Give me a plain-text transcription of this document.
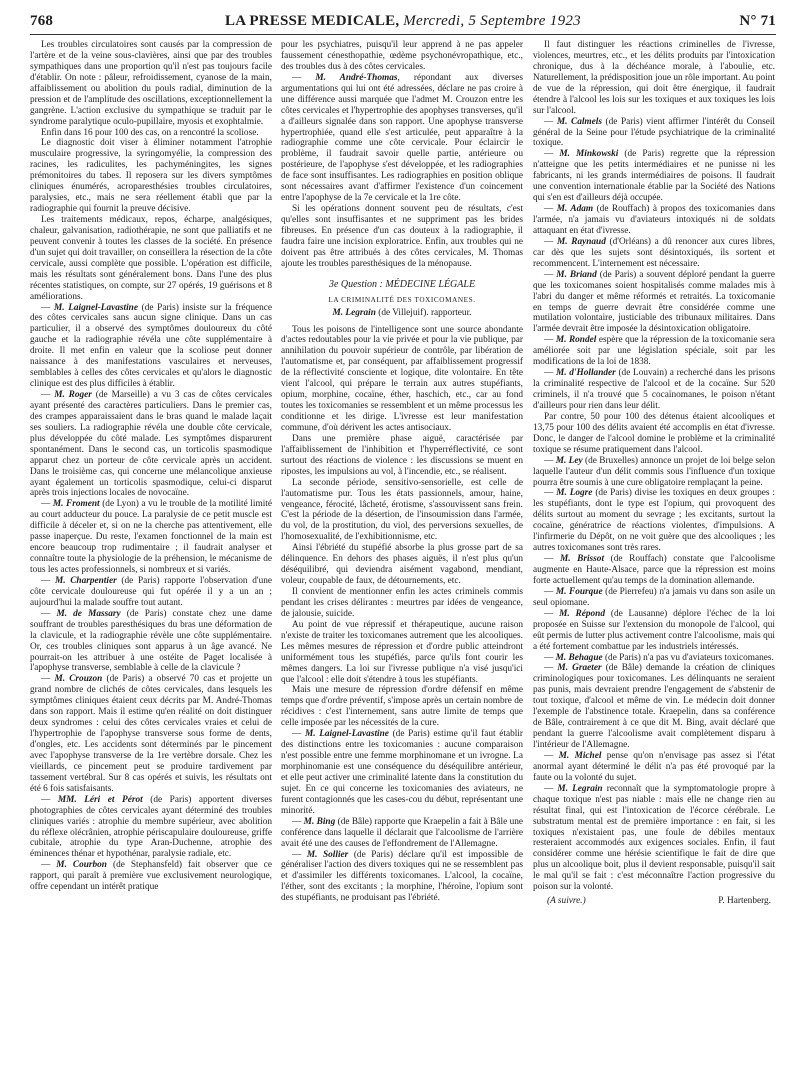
768	LA PRESSE MEDICALE, Mercredi, 5 Septembre 1923	N° 71

Les troubles circulatoires sont causés par la compression de l'artère et de la veine sous-clavières, ainsi que par des troubles sympathiques dans une proportion qu'il n'est pas toujours facile d'établir. On note : pâleur, refroidissement, cyanose de la main, affaiblissement ou abolition du pouls radial, diminution de la pression et de l'amplitude des oscillations, exceptionnellement la gangrène. L'action exclusive du sympathique se traduit par le syndrome paralytique oculo-pupillaire, myosis et exophtalmie.

Enfin dans 16 pour 100 des cas, on a rencontré la scoliose.

Le diagnostic doit viser à éliminer notamment l'atrophie musculaire progressive, la syringomyélie, la compression des racines, les radiculites, les pachyméningites, les signes prémonitoires du tabes. Il reposera sur les divers symptômes cliniques énumérés, acroparesthésies troubles circulatoires, paralysies, etc., mais ne sera réellement établi que par la radiographie qui fournit la preuve décisive.

Les traitements médicaux, repos, écharpe, analgésiques, chaleur, galvanisation, radiothérapie, ne sont que palliatifs et ne peuvent convenir à toutes les classes de la société. En présence d'un sujet qui doit travailler, on conseillera la résection de la côte cervicale, aussi complète que possible. L'opération est difficile, mais les résultats sont généralement bons. Dans l'une des plus récentes statistiques, on compte, sur 27 opérés, 19 guérisons et 8 améliorations.

— M. Laignel-Lavastine (de Paris) insiste sur la fréquence des côtes cervicales sans aucun signe clinique. Dans un cas particulier, il a observé des symptômes douloureux du côté gauche et la radiographie révéla une côte supplémentaire à droite. Il met enfin en valeur que la scoliose peut donner naissance à des manifestations vasculaires et nerveuses, semblables à celles des côtes cervicales et qu'alors le diagnostic clinique est des plus difficiles à établir.

— M. Roger (de Marseille) a vu 3 cas de côtes cervicales ayant présenté des caractères particuliers. Dans le premier cas, des crampes apparaissaient dans le bras quand le malade laçait ses souliers. La radiographie révéla une double côte cervicale, plus développée du côté malade. Les symptômes disparurent spontanément. Dans le second cas, un torticolis spasmodique apparut chez un porteur de côte cervicale après un accident. Dans le troisième cas, qui concerne une mélancolique anxieuse ayant également un torticolis spasmodique, celui-ci disparut après trois injections locales de novocaïne.

— M. Froment (de Lyon) a vu le trouble de la motilité limité au court adducteur du pouce. La paralysie de ce petit muscle est difficile à déceler et, si on ne la cherche pas attentivement, elle passe inaperçue. Du reste, l'examen fonctionnel de la main est encore beaucoup trop rudimentaire ; il faudrait analyser et connaître toute la physiologie de la préhension, le mécanisme de tous les actes professionnels, si nombreux et si variés.

— M. Charpentier (de Paris) rapporte l'observation d'une côte cervicale douloureuse qui fut opérée il y a un an ; aujourd'hui la malade souffre tout autant.

— M. de Massary (de Paris) constate chez une dame souffrant de troubles paresthésiques du bras une déformation de la clavicule, et la radiographie révèle une côte supplémentaire. Or, ces troubles cliniques sont apparus à un âge avancé. Ne pourrait-on les attribuer à une ostéite de Paget localisée à l'apophyse transverse, semblable à celle de la clavicule ?

— M. Crouzon (de Paris) a observé 70 cas et projette un grand nombre de clichés de côtes cervicales, dans lesquels les symptômes cliniques étaient ceux décrits par M. André-Thomas dans son rapport. Mais il estime qu'en réalité on doit distinguer deux syndromes : celui des côtes cervicales vraies et celui de l'hypertrophie de l'apophyse transverse sous forme de dents, d'ongles, etc. Les accidents sont déterminés par le pincement avec l'apophyse transverse de la 1re vertèbre dorsale. Chez les vieillards, ce pincement peut se produire tardivement par tassement vertébral. Sur 8 cas opérés et suivis, les résultats ont été 6 fois satisfaisants.

— MM. Léri et Pérot (de Paris) apportent diverses photographies de côtes cervicales ayant déterminé des troubles cliniques variés : atrophie du membre supérieur, avec abolition du réflexe olécrânien, atrophie périscapulaire douloureuse, griffe cubitale, atrophie du type Aran-Duchenne, atrophie des éminences thénar et hypothénar, paralysie radiale, etc.

— M. Courbon (de Stephansfeld) fait observer que ce rapport, qui paraît à première vue exclusivement neurologique, offre cependant un intérêt pratique

pour les psychiatres, puisqu'il leur apprend à ne pas appeler faussement cénesthopathie, œdème psychonévropathique, etc., des troubles dus à des côtes cervicales.

— M. André-Thomas, répondant aux diverses argumentations qui lui ont été adressées, déclare ne pas croire à une différence aussi marquée que l'admet M. Crouzon entre les côtes cervicales et l'hypertrophie des apophyses transverses, qu'il a d'ailleurs signalée dans son rapport. Une apophyse transverse hypertrophiée, quand elle s'est articulée, peut apparaître à la radiographie comme une côte cervicale. Pour éclaircir le problème, il faudrait savoir quelle partie, antérieure ou postérieure, de l'apophyse s'est développée, et les radiographies de face sont insuffisantes. Les radiographies en position oblique sont nécessaires avant d'affirmer l'existence d'un coincement entre l'apophyse de la 7e cervicale et la 1re côte.

Si les opérations donnent souvent peu de résultats, c'est qu'elles sont insuffisantes et ne suppriment pas les brides fibreuses. En présence d'un cas douteux à la radiographie, il faudra faire une incision exploratrice. Enfin, aux troubles qui ne doivent pas être attribués à des côtes cervicales, M. Thomas ajoute les troubles paresthésiques de la ménopause.

3e Question : MÉDECINE LÉGALE

LA CRIMINALITÉ DES TOXICOMANES.

M. Legrain (de Villejuif). rapporteur.

Tous les poisons de l'intelligence sont une source abondante d'actes redoutables pour la vie privée et pour la vie publique, par annihilation du pouvoir supérieur de contrôle, par libération de l'automatisme et, par conséquent, par affaiblissement progressif de la réflectivité consciente et logique, dite volontaire. En tête vient l'alcool, qui prépare le terrain aux autres stupéfiants, opium, morphine, cocaïne, éther, haschich, etc., car au fond toutes les toxicomanies se ressemblent et un même processus les conditionne et les dirige. L'ivresse est leur manifestation commune, d'où dérivent les actes antisociaux.

Dans une première phase aiguë, caractérisée par l'affaiblissement de l'inhibition et l'hyperréflectivité, ce sont surtout des réactions de violence : les discussions se muent en ripostes, les impulsions au vol, à l'incendie, etc., se réalisent.

La seconde période, sensitivo-sensorielle, est celle de l'automatisme pur. Tous les états passionnels, amour, haine, vengeance, férocité, lâcheté, érotisme, s'assouvissent sans frein. C'est la période de la désertion, de l'insoumission dans l'armée, du vol, de la prostitution, du viol, des perversions sexuelles, de l'homosexualité, de l'exhibitionnisme, etc.

Ainsi l'ébriété du stupéfié absorbe la plus grosse part de sa délinquence. En dehors des phases aiguës, il n'est plus qu'un déséquilibré, qui deviendra aisément vagabond, mendiant, voleur, coupable de faux, de détournements, etc.

Il convient de mentionner enfin les actes criminels commis pendant les crises délirantes : meurtres par idées de vengeance, de jalousie, suicide.

Au point de vue répressif et thérapeutique, aucune raison n'existe de traiter les toxicomanes autrement que les alcooliques. Les mêmes mesures de répression et d'ordre public atteindront uniformément tous les stupéfiés, parce qu'ils font courir les mêmes dangers. La loi sur l'ivresse publique n'a visé jusqu'ici que l'alcool : elle doit s'étendre à tous les stupéfiants.

Mais une mesure de répression d'ordre défensif en même temps que d'ordre préventif, s'impose après un certain nombre de récidives : c'est l'internement, sans autre limite de temps que celle imposée par les nécessités de la cure.

— M. Laignel-Lavastine (de Paris) estime qu'il faut établir des distinctions entre les toxicomanies : aucune comparaison n'est possible entre une femme morphinomane et un ivrogne. La morphinomanie est une conséquence du déséquilibre antérieur, et elle peut activer une criminalité latente dans la constitution du sujet. En ce qui concerne les toxicomanies des aviateurs, ne furent contagionnés que les cases-cou du début, représentant une minorité.

— M. Bing (de Bâle) rapporte que Kraepelin a fait à Bâle une conférence dans laquelle il déclarait que l'alcoolisme de l'arrière avait été une des causes de l'effondrement de l'Allemagne.

— M. Sollier (de Paris) déclare qu'il est impossible de généraliser l'action des divers toxiques qui ne se ressemblent pas et d'assimiler les différents toxicomanes. L'alcool, la cocaïne, l'éther, sont des excitants ; la morphine, l'héroïne, l'opium sont des stupéfiants, ne produisant pas l'ébriété.

Il faut distinguer les réactions criminelles de l'ivresse, violences, meurtres, etc., et les délits produits par l'intoxication chronique, dus à la déchéance morale, à l'aboulie, etc. Naturellement, la prédisposition joue un rôle important. Au point de vue de la répression, qui doit être énergique, il faudrait étendre à l'alcool les lois sur les toxiques et aux toxiques les lois sur l'alcool.

— M. Calmels (de Paris) vient affirmer l'intérêt du Conseil général de la Seine pour l'étude psychiatrique de la criminalité toxique.

— M. Minkowski (de Paris) regrette que la répression n'atteigne que les petits intermédiaires et ne punisse ni les fabricants, ni les grands intermédiaires de poisons. Il faudrait une convention internationale établie par la Société des Nations qui s'en est d'ailleurs déjà occupée.

— M. Adam (de Rouffach) à propos des toxicomanies dans l'armée, n'a jamais vu d'aviateurs intoxiqués ni de soldats attaquant en état d'ivresse.

— M. Raynaud (d'Orléans) a dû renoncer aux cures libres, car dès que les sujets sont désintoxiqués, ils sortent et recommencent. L'internement est nécessaire.

— M. Briand (de Paris) a souvent déploré pendant la guerre que les toxicomanes soient hospitalisés comme malades mis à l'abri du danger et même réformés et retraités. La toxicomanie en temps de guerre devrait être considérée comme une mutilation volontaire, justiciable des tribunaux militaires. Dans l'armée devrait être imposée la désintoxication obligatoire.

— M. Rondel espère que la répression de la toxicomanie sera améliorée soit par une législation spéciale, soit par les modifications de la loi de 1838.

— M. d'Hollander (de Louvain) a recherché dans les prisons la criminalité respective de l'alcool et de la cocaïne. Sur 520 criminels, il n'a trouvé que 5 cocaïnomanes, le poison n'étant d'ailleurs pour rien dans leur délit.

Par contre, 50 pour 100 des détenus étaient alcooliques et 13,75 pour 100 des délits avaient été accomplis en état d'ivresse. Donc, le danger de l'alcool domine le problème et la criminalité toxique se résume pratiquement dans l'alcool.

— M. Ley (de Bruxelles) annonce un projet de loi belge selon laquelle l'auteur d'un délit commis sous l'influence d'un toxique pourra être soumis à une cure obligatoire remplaçant la peine.

— M. Logre (de Paris) divise les toxiques en deux groupes : les stupéfiants, dont le type est l'opium, qui provoquent des délits surtout au moment du sevrage ; les excitants, surtout la cocaïne, génératrice de réactions violentes, d'impulsions. A l'infirmerie du Dépôt, on ne voit guère que des alcooliques ; les autres toxicomanes sont très rares.

— M. Brissot (de Rouffach) constate que l'alcoolisme augmente en Haute-Alsace, parce que la répression est moins forte actuellement qu'au temps de la domination allemande.

— M. Fourque (de Pierrefeu) n'a jamais vu dans son asile un seul opiomane.

— M. Répond (de Lausanne) déplore l'échec de la loi proposée en Suisse sur l'extension du monopole de l'alcool, qui eût permis de lutter plus activement contre l'alcoolisme, mais qui a été fortement combattue par les industriels intéressés.

— M. Behague (de Paris) n'a pas vu d'aviateurs toxicomanes.

— M. Graeter (de Bâle) demande la création de cliniques criminologiques pour toxicomanes. Les délinquants ne seraient pas punis, mais devraient prendre l'engagement de s'abstenir de tout toxique, d'alcool et même de vin. Le médecin doit donner l'exemple de l'abstinence totale. Kraepelin, dans sa conférence de Bâle, contrairement à ce que dit M. Bing, avait déclaré que pendant la guerre l'alcoolisme avait complètement disparu à l'intérieur de l'Allemagne.

— M. Michel pense qu'on n'envisage pas assez si l'état anormal ayant déterminé le délit n'a pas été provoqué par la faute ou la volonté du sujet.

— M. Legrain reconnaît que la symptomatologie propre à chaque toxique n'est pas niable : mais elle ne change rien au résultat final, qui est l'intoxication de l'écorce cérébrale. Le substratum mental est de première importance : en fait, si les toxiques n'existaient pas, une foule de débiles mentaux resteraient accommodés aux exigences sociales. Enfin, il faut considérer comme une hérésie scientifique le fait de dire que plus un alcoolique boit, plus il devient responsable, puisqu'il sait le mal qu'il se fait : c'est méconnaître l'action progressive du poison sur la volonté.

(A suivre.)	P. Hartenberg.
